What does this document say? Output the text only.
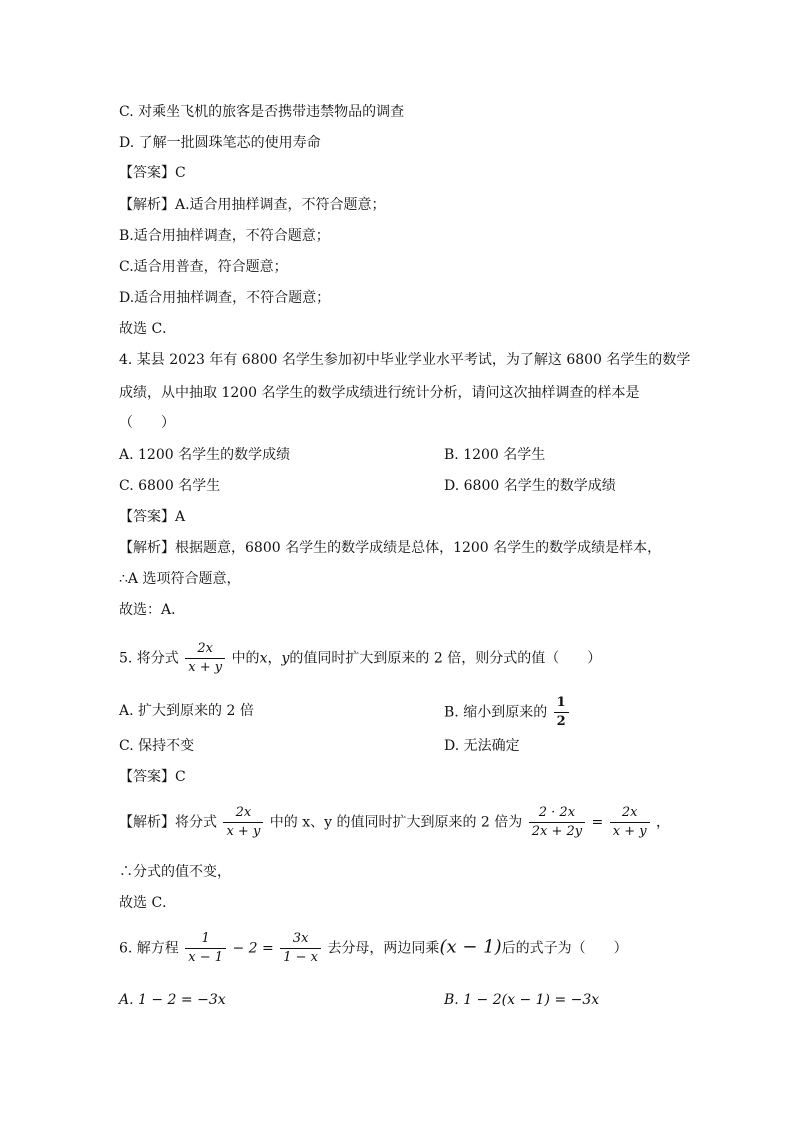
C. 对乘坐飞机的旅客是否携带违禁物品的调查
D. 了解一批圆珠笔芯的使用寿命
【答案】C
【解析】A.适合用抽样调查，不符合题意；
B.适合用抽样调查，不符合题意；
C.适合用普查，符合题意；
D.适合用抽样调查，不符合题意；
故选 C．
4. 某县 2023 年有 6800 名学生参加初中毕业学业水平考试，为了解这 6800 名学生的数学
成绩，从中抽取 1200 名学生的数学成绩进行统计分析，请问这次抽样调查的样本是
（　　）
A. 1200 名学生的数学成绩	B. 1200 名学生
C. 6800 名学生	D. 6800 名学生的数学成绩
【答案】A
【解析】根据题意，6800 名学生的数学成绩是总体，1200 名学生的数学成绩是样本，
∴A 选项符合题意，
故选：A．
5. 将分式 $\frac{2x}{x + y}$ 中的x，y的值同时扩大到原来的 2 倍，则分式的值（　　）
A. 扩大到原来的 2 倍	B. 缩小到原来的 $\frac{1}{2}$
C. 保持不变	D. 无法确定
【答案】C
【解析】将分式 $\frac{2x}{x + y}$ 中的 x、y 的值同时扩大到原来的 2 倍为 $\frac{2 \cdot 2x}{2x + 2y} = \frac{2x}{x + y}$ ，
∴分式的值不变，
故选 C．
6. 解方程 $\frac{1}{x - 1} - 2 = \frac{3x}{1 - x}$ 去分母，两边同乘(x − 1)后的式子为（　　）
A. 1 − 2 = −3x	B. 1 − 2(x − 1) = −3x
